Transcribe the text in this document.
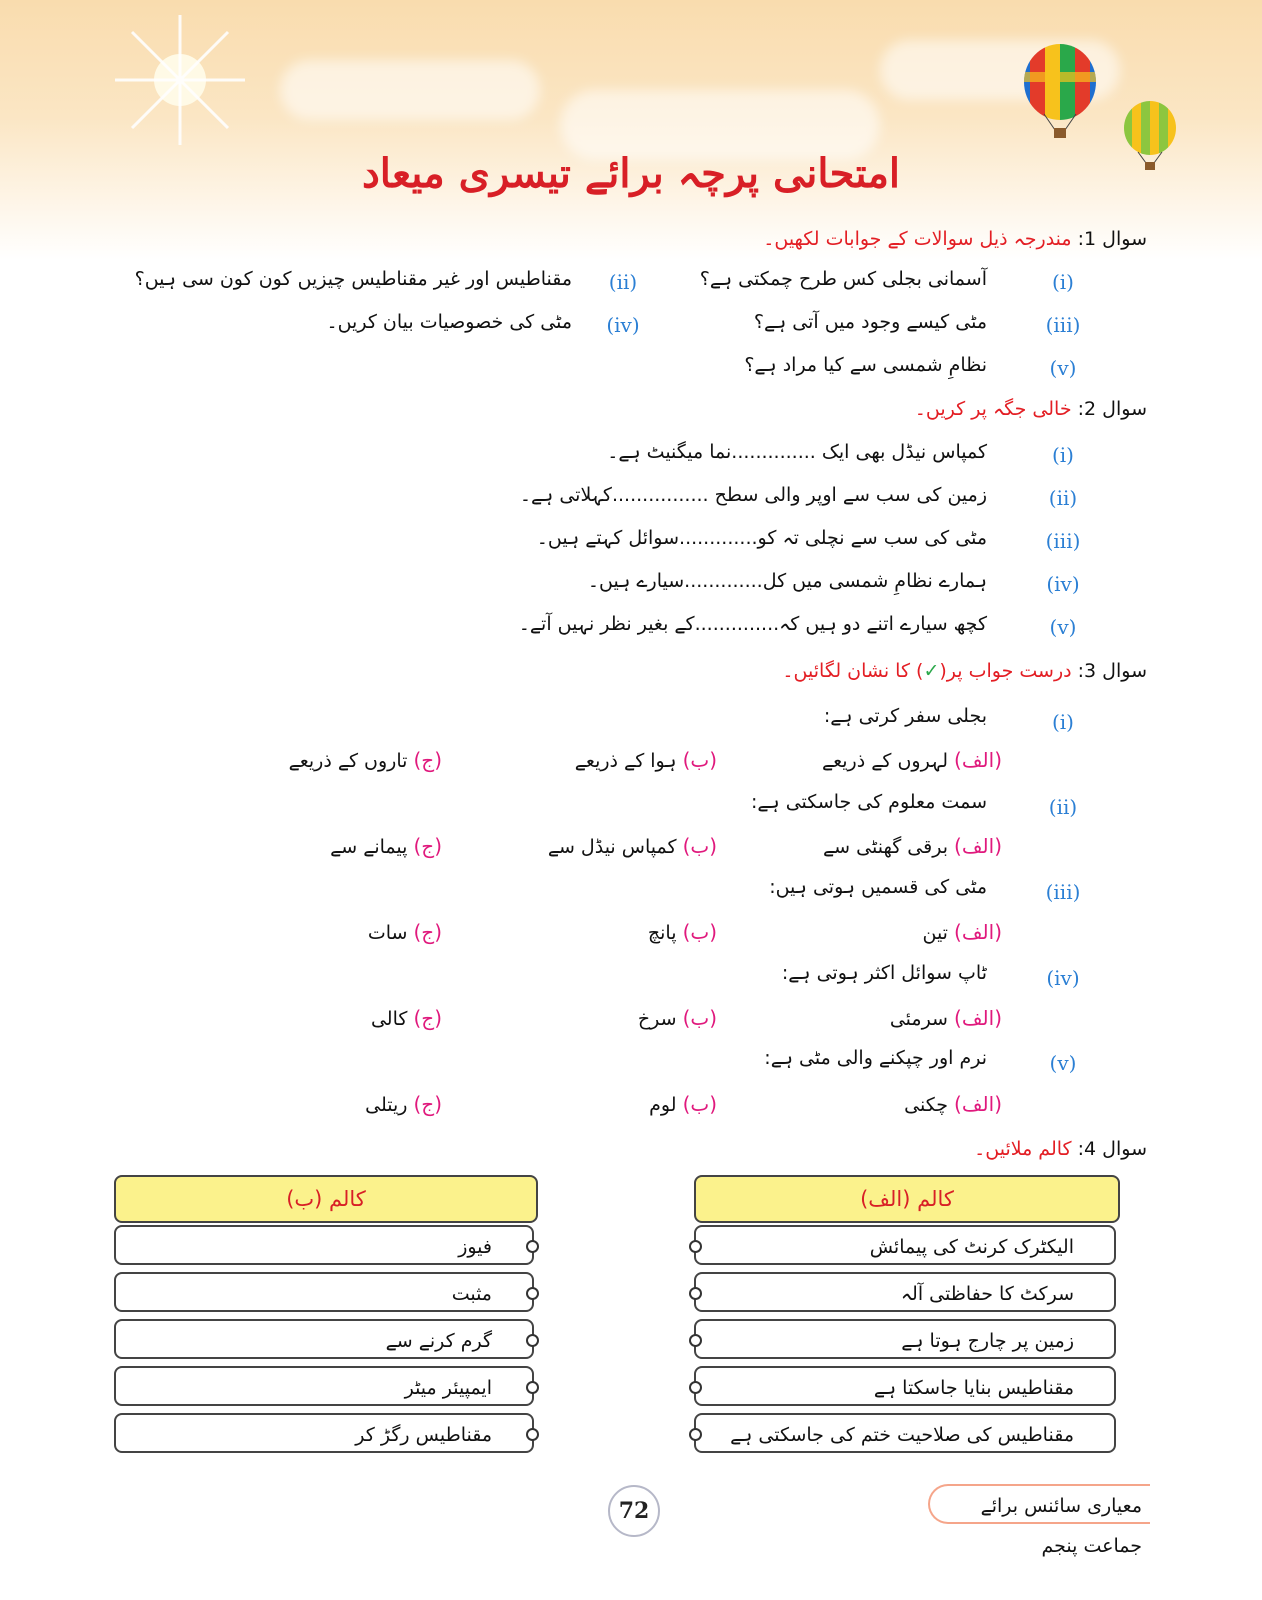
امتحانی پرچہ برائے تیسری میعاد
سوال 1: مندرجہ ذیل سوالات کے جوابات لکھیں۔
(i)
آسمانی بجلی کس طرح چمکتی ہے؟
(ii)
مقناطیس اور غیر مقناطیس چیزیں کون کون سی ہیں؟
(iii)
مٹی کیسے وجود میں آتی ہے؟
(iv)
مٹی کی خصوصیات بیان کریں۔
(v)
نظامِ شمسی سے کیا مراد ہے؟
سوال 2: خالی جگہ پر کریں۔
(i)
کمپاس نیڈل بھی ایک ..............نما میگنیٹ ہے۔
(ii)
زمین کی سب سے اوپر والی سطح ................کہلاتی ہے۔
(iii)
مٹی کی سب سے نچلی تہ کو.............سوائل کہتے ہیں۔
(iv)
ہمارے نظامِ شمسی میں کل.............سیارے ہیں۔
(v)
کچھ سیارے اتنے دو ہیں کہ..............کے بغیر نظر نہیں آتے۔
سوال 3: درست جواب پر(✓) کا نشان لگائیں۔
(i)
بجلی سفر کرتی ہے:
(الف) لہروں کے ذریعے
(ب) ہوا کے ذریعے
(ج) تاروں کے ذریعے
(ii)
سمت معلوم کی جاسکتی ہے:
(الف) برقی گھنٹی سے
(ب) کمپاس نیڈل سے
(ج) پیمانے سے
(iii)
مٹی کی قسمیں ہوتی ہیں:
(الف) تین
(ب) پانچ
(ج) سات
(iv)
ٹاپ سوائل اکثر ہوتی ہے:
(الف) سرمئی
(ب) سرخ
(ج) کالی
(v)
نرم اور چپکنے والی مٹی ہے:
(الف) چکنی
(ب) لوم
(ج) ریتلی
سوال 4: کالم ملائیں۔
کالم (الف)
الیکٹرک کرنٹ کی پیمائش
سرکٹ کا حفاظتی آلہ
زمین پر چارج ہوتا ہے
مقناطیس بنایا جاسکتا ہے
مقناطیس کی صلاحیت ختم کی جاسکتی ہے
کالم (ب)
فیوز
مثبت
گرم کرنے سے
ایمپیئر میٹر
مقناطیس رگڑ کر
72	معیاری سائنس برائے جماعت پنجم
